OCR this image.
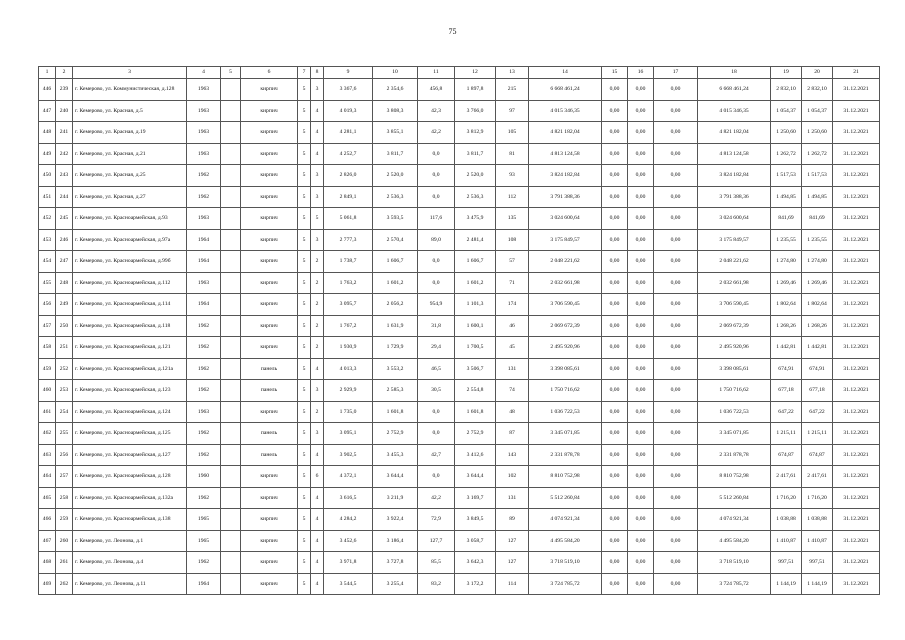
75
1	2	3	4	5	6	7	8	9	10	11	12	13	14	15	16	17	18	19	20	21
446	239	г. Кемерово, ул. Коммунистическая, д.128	1963		кирпич	5	3	3 367,6	2 354,6	456,8	1 897,8	215	6 668 461,24	0,00	0,00	0,00	6 668 461,24	2 832,10	2 832,10	31.12.2021
447	240	г. Кемерово, ул. Красная, д.5	1963		кирпич	5	4	4 019,3	3 808,3	42,3	3 766,0	97	4 015 346,35	0,00	0,00	0,00	4 015 346,35	1 054,37	1 054,37	31.12.2021
448	241	г. Кемерово, ул. Красная, д.19	1963		кирпич	5	4	4 281,1	3 855,1	42,2	3 812,9	105	4 821 182,04	0,00	0,00	0,00	4 821 182,04	1 250,60	1 250,60	31.12.2021
449	242	г. Кемерово, ул. Красная, д.21	1963		кирпич	5	4	4 252,7	3 811,7	0,0	3 811,7	81	4 813 124,58	0,00	0,00	0,00	4 813 124,58	1 262,72	1 262,72	31.12.2021
450	243	г. Кемерово, ул. Красная, д.25	1962		кирпич	5	3	2 826,0	2 520,0	0,0	2 520,0	93	3 824 182,84	0,00	0,00	0,00	3 824 182,84	1 517,53	1 517,53	31.12.2021
451	244	г. Кемерово, ул. Красная, д.27	1962		кирпич	5	3	2 849,1	2 536,3	0,0	2 536,3	112	3 791 388,36	0,00	0,00	0,00	3 791 388,36	1 494,85	1 494,85	31.12.2021
452	245	г. Кемерово, ул. Красноармейская, д.93	1963		кирпич	5	5	5 061,8	3 593,5	117,6	3 475,9	135	3 024 600,64	0,00	0,00	0,00	3 024 600,64	841,69	841,69	31.12.2021
453	246	г. Кемерово, ул. Красноармейская, д.97а	1964		кирпич	5	3	2 777,3	2 570,4	89,0	2 481,4	108	3 175 849,57	0,00	0,00	0,00	3 175 849,57	1 235,55	1 235,55	31.12.2021
454	247	г. Кемерово, ул. Красноармейская, д.99б	1964		кирпич	5	2	1 738,7	1 606,7	0,0	1 606,7	57	2 048 221,62	0,00	0,00	0,00	2 048 221,62	1 274,80	1 274,80	31.12.2021
455	248	г. Кемерово, ул. Красноармейская, д.112	1963		кирпич	5	2	1 763,2	1 601,2	0,0	1 601,2	71	2 032 661,98	0,00	0,00	0,00	2 032 661,98	1 269,46	1 269,46	31.12.2021
456	249	г. Кемерово, ул. Красноармейская, д.114	1964		кирпич	5	2	3 095,7	2 056,2	954,9	1 101,3	174	3 706 590,45	0,00	0,00	0,00	3 706 590,45	1 802,64	1 802,64	31.12.2021
457	250	г. Кемерово, ул. Красноармейская, д.118	1962		кирпич	5	2	1 767,2	1 631,9	31,8	1 600,1	46	2 069 672,39	0,00	0,00	0,00	2 069 672,39	1 268,26	1 268,26	31.12.2021
458	251	г. Кемерово, ул. Красноармейская, д.121	1962		кирпич	5	2	1 930,9	1 729,9	29,4	1 700,5	45	2 495 920,96	0,00	0,00	0,00	2 495 920,96	1 442,81	1 442,81	31.12.2021
459	252	г. Кемерово, ул. Красноармейская, д.121а	1962		панель	5	4	4 013,3	3 553,2	46,5	3 506,7	131	3 398 085,61	0,00	0,00	0,00	3 398 085,61	674,91	674,91	31.12.2021
460	253	г. Кемерово, ул. Красноармейская, д.123	1962		панель	5	3	2 929,9	2 585,3	30,5	2 554,8	74	1 750 716,62	0,00	0,00	0,00	1 750 716,62	677,18	677,18	31.12.2021
461	254	г. Кемерово, ул. Красноармейская, д.124	1963		кирпич	5	2	1 735,0	1 601,8	0,0	1 601,8	48	1 036 722,53	0,00	0,00	0,00	1 036 722,53	647,22	647,22	31.12.2021
462	255	г. Кемерово, ул. Красноармейская, д.125	1962		панель	5	3	3 095,1	2 752,9	0,0	2 752,9	87	3 345 071,85	0,00	0,00	0,00	3 345 071,85	1 215,11	1 215,11	31.12.2021
463	256	г. Кемерово, ул. Красноармейская, д.127	1962		панель	5	4	3 902,5	3 455,3	42,7	3 412,6	143	2 331 878,78	0,00	0,00	0,00	2 331 878,78	674,87	674,87	31.12.2021
464	257	г. Кемерово, ул. Красноармейская, д.128	1960		кирпич	5	6	4 372,1	3 644,4	0,0	3 644,4	102	8 810 752,98	0,00	0,00	0,00	8 810 752,98	2 417,61	2 417,61	31.12.2021
465	258	г. Кемерово, ул. Красноармейская, д.132а	1962		кирпич	5	4	3 616,5	3 211,9	42,2	3 169,7	131	5 512 260,84	0,00	0,00	0,00	5 512 260,84	1 716,20	1 716,20	31.12.2021
466	259	г. Кемерово, ул. Красноармейская, д.138	1965		кирпич	5	4	4 284,2	3 922,4	72,9	3 849,5	89	4 074 921,34	0,00	0,00	0,00	4 074 921,34	1 038,88	1 038,88	31.12.2021
467	260	г. Кемерово, ул. Леонова, д.1	1965		кирпич	5	4	3 452,6	3 186,4	127,7	3 058,7	127	4 495 584,20	0,00	0,00	0,00	4 495 584,20	1 410,87	1 410,87	31.12.2021
468	261	г. Кемерово, ул. Леонова, д.4	1962		кирпич	5	4	3 971,8	3 727,8	85,5	3 642,3	127	3 718 519,10	0,00	0,00	0,00	3 718 519,10	997,51	997,51	31.12.2021
469	262	г. Кемерово, ул. Леонова, д.11	1964		кирпич	5	4	3 544,5	3 255,4	83,2	3 172,2	114	3 724 785,72	0,00	0,00	0,00	3 724 785,72	1 144,19	1 144,19	31.12.2021
